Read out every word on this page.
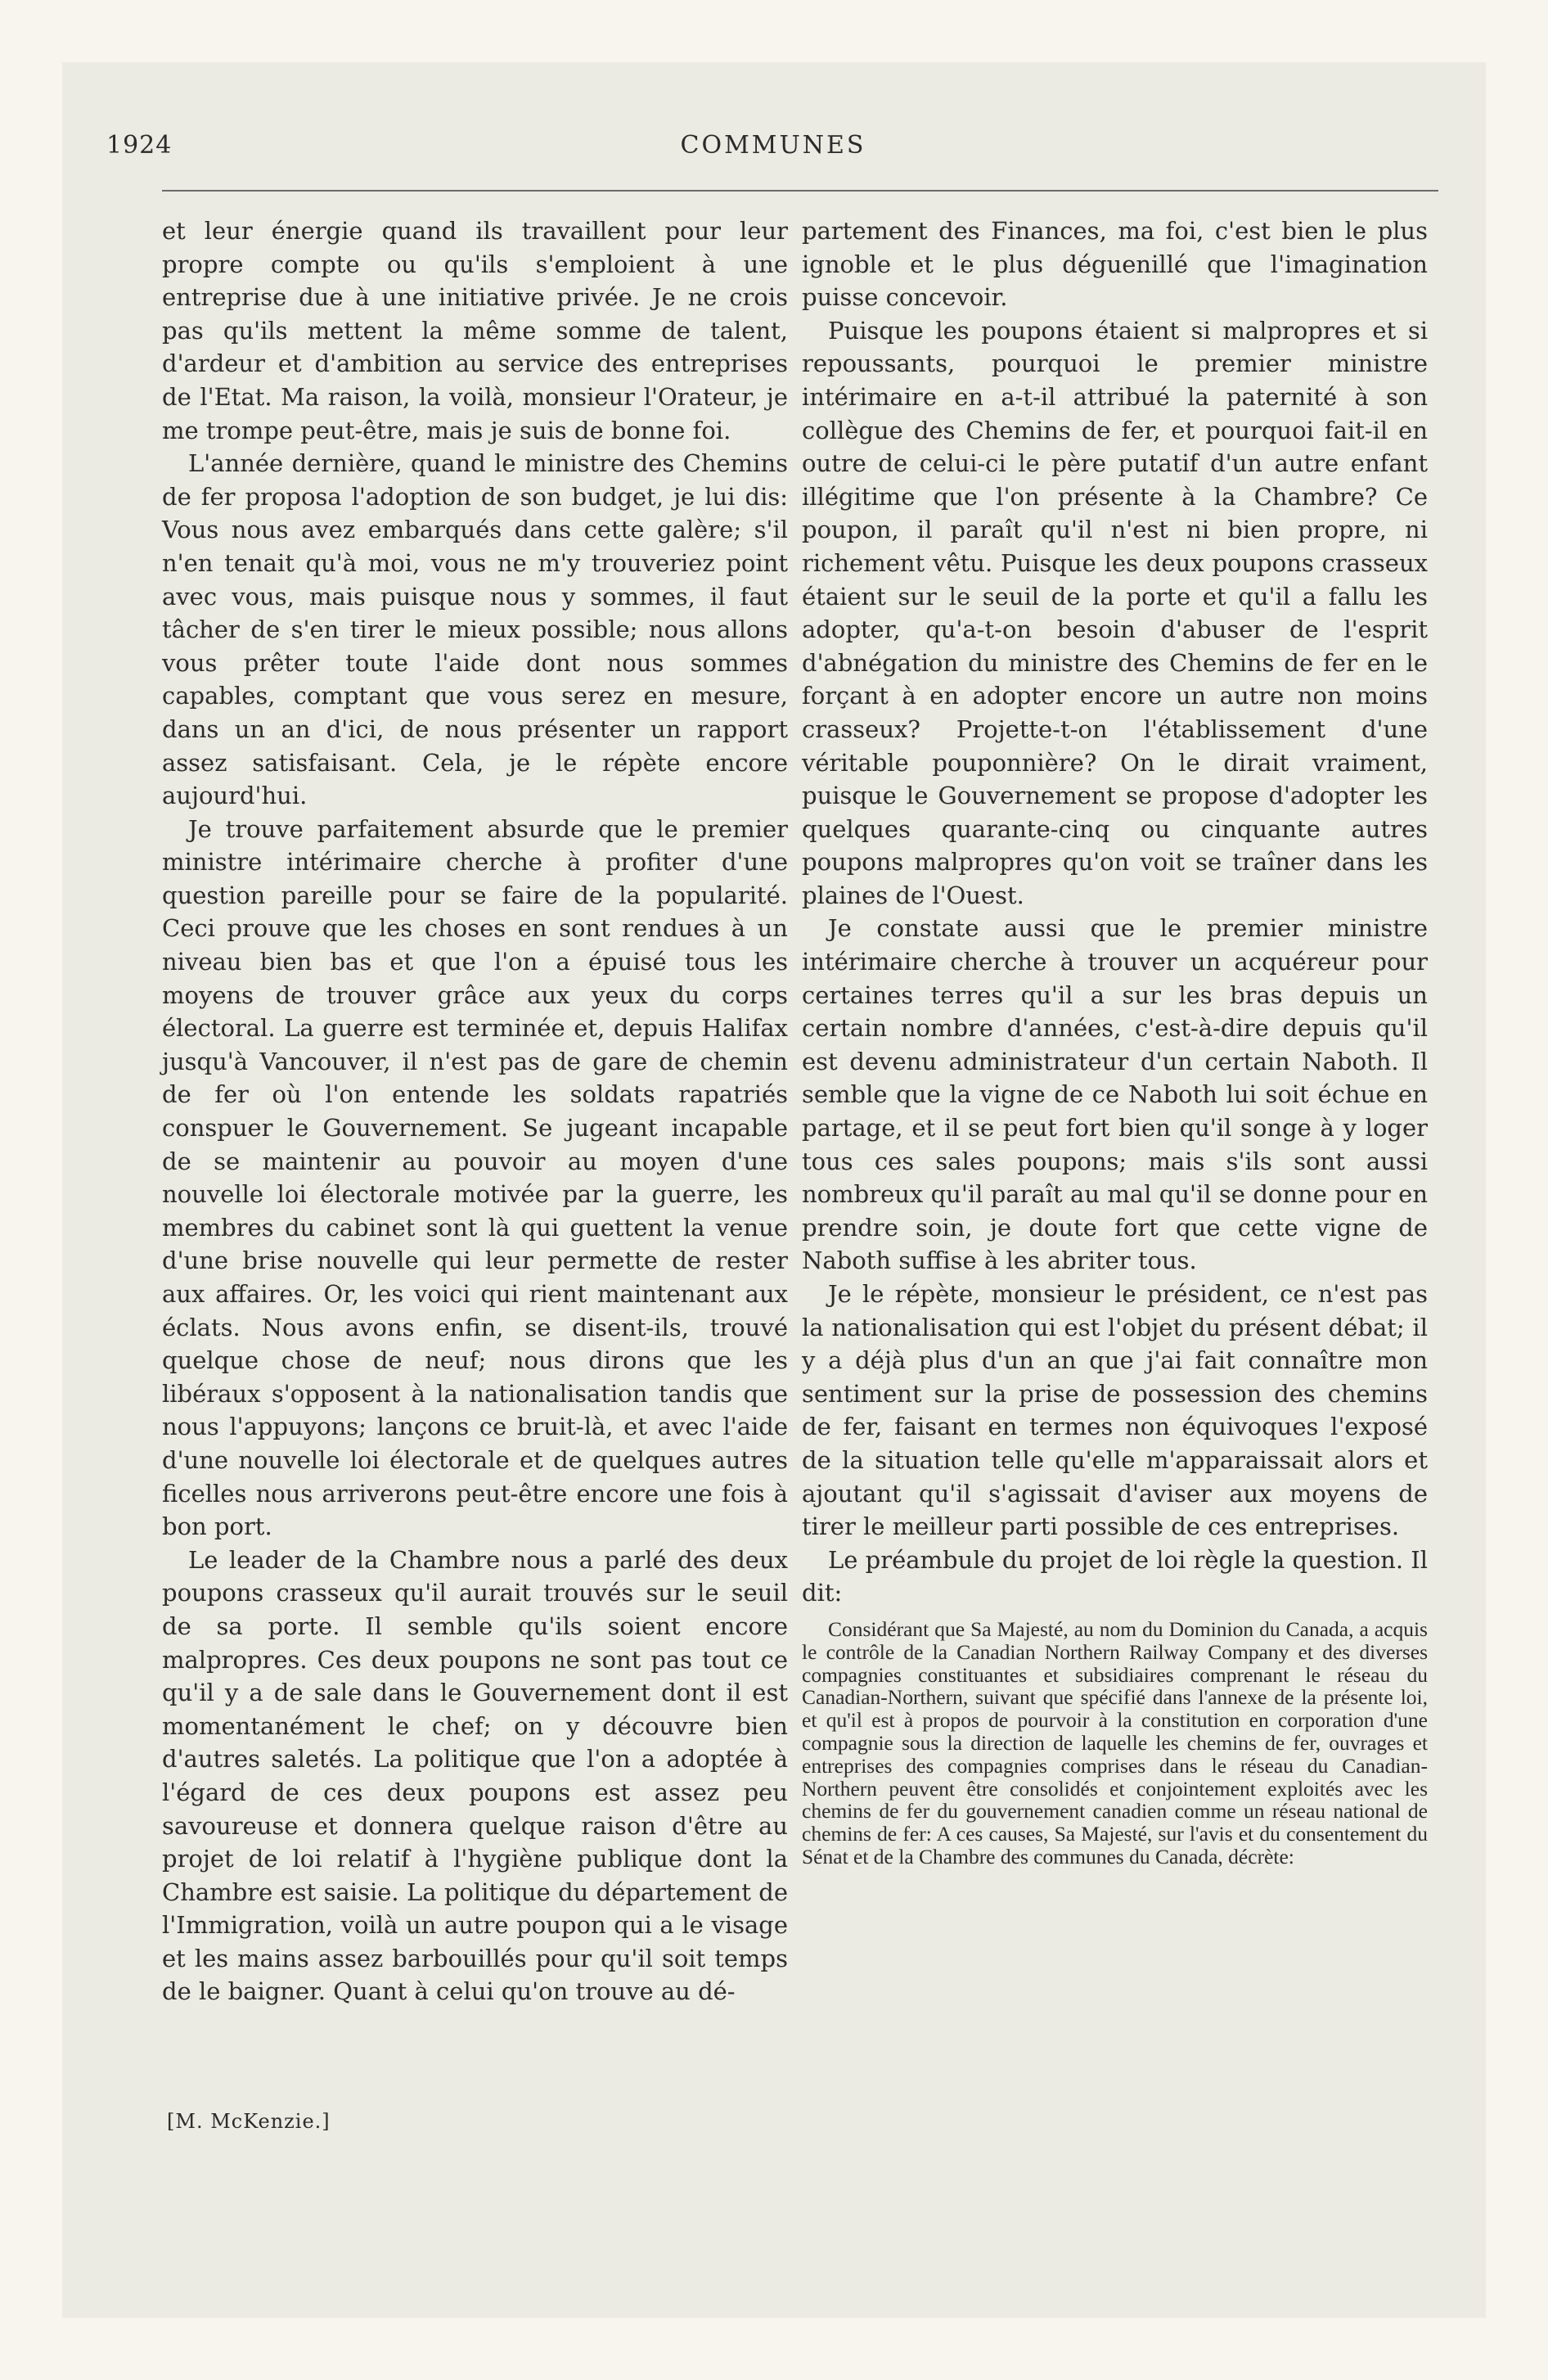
1924	COMMUNES

et leur énergie quand ils travaillent pour leur propre compte ou qu'ils s'emploient à une entreprise due à une initiative privée. Je ne crois pas qu'ils mettent la même somme de talent, d'ardeur et d'ambition au service des entreprises de l'Etat. Ma raison, la voilà, monsieur l'Orateur, je me trompe peut-être, mais je suis de bonne foi.

L'année dernière, quand le ministre des Chemins de fer proposa l'adoption de son budget, je lui dis: Vous nous avez embarqués dans cette galère; s'il n'en tenait qu'à moi, vous ne m'y trouveriez point avec vous, mais puisque nous y sommes, il faut tâcher de s'en tirer le mieux possible; nous allons vous prêter toute l'aide dont nous sommes capables, comptant que vous serez en mesure, dans un an d'ici, de nous présenter un rapport assez satisfaisant. Cela, je le répète encore aujourd'hui.

Je trouve parfaitement absurde que le premier ministre intérimaire cherche à profiter d'une question pareille pour se faire de la popularité. Ceci prouve que les choses en sont rendues à un niveau bien bas et que l'on a épuisé tous les moyens de trouver grâce aux yeux du corps électoral. La guerre est terminée et, depuis Halifax jusqu'à Vancouver, il n'est pas de gare de chemin de fer où l'on entende les soldats rapatriés conspuer le Gouvernement. Se jugeant incapable de se maintenir au pouvoir au moyen d'une nouvelle loi électorale motivée par la guerre, les membres du cabinet sont là qui guettent la venue d'une brise nouvelle qui leur permette de rester aux affaires. Or, les voici qui rient maintenant aux éclats. Nous avons enfin, se disent-ils, trouvé quelque chose de neuf; nous dirons que les libéraux s'opposent à la nationalisation tandis que nous l'appuyons; lançons ce bruit-là, et avec l'aide d'une nouvelle loi électorale et de quelques autres ficelles nous arriverons peut-être encore une fois à bon port.

Le leader de la Chambre nous a parlé des deux poupons crasseux qu'il aurait trouvés sur le seuil de sa porte. Il semble qu'ils soient encore malpropres. Ces deux poupons ne sont pas tout ce qu'il y a de sale dans le Gouvernement dont il est momentanément le chef; on y découvre bien d'autres saletés. La politique que l'on a adoptée à l'égard de ces deux poupons est assez peu savoureuse et donnera quelque raison d'être au projet de loi relatif à l'hygiène publique dont la Chambre est saisie. La politique du département de l'Immigration, voilà un autre poupon qui a le visage et les mains assez barbouillés pour qu'il soit temps de le baigner. Quant à celui qu'on trouve au dé-

partement des Finances, ma foi, c'est bien le plus ignoble et le plus déguenillé que l'imagination puisse concevoir.

Puisque les poupons étaient si malpropres et si repoussants, pourquoi le premier ministre intérimaire en a-t-il attribué la paternité à son collègue des Chemins de fer, et pourquoi fait-il en outre de celui-ci le père putatif d'un autre enfant illégitime que l'on présente à la Chambre? Ce poupon, il paraît qu'il n'est ni bien propre, ni richement vêtu. Puisque les deux poupons crasseux étaient sur le seuil de la porte et qu'il a fallu les adopter, qu'a-t-on besoin d'abuser de l'esprit d'abnégation du ministre des Chemins de fer en le forçant à en adopter encore un autre non moins crasseux? Projette-t-on l'établissement d'une véritable pouponnière? On le dirait vraiment, puisque le Gouvernement se propose d'adopter les quelques quarante-cinq ou cinquante autres poupons malpropres qu'on voit se traîner dans les plaines de l'Ouest.

Je constate aussi que le premier ministre intérimaire cherche à trouver un acquéreur pour certaines terres qu'il a sur les bras depuis un certain nombre d'années, c'est-à-dire depuis qu'il est devenu administrateur d'un certain Naboth. Il semble que la vigne de ce Naboth lui soit échue en partage, et il se peut fort bien qu'il songe à y loger tous ces sales poupons; mais s'ils sont aussi nombreux qu'il paraît au mal qu'il se donne pour en prendre soin, je doute fort que cette vigne de Naboth suffise à les abriter tous.

Je le répète, monsieur le président, ce n'est pas la nationalisation qui est l'objet du présent débat; il y a déjà plus d'un an que j'ai fait connaître mon sentiment sur la prise de possession des chemins de fer, faisant en termes non équivoques l'exposé de la situation telle qu'elle m'apparaissait alors et ajoutant qu'il s'agissait d'aviser aux moyens de tirer le meilleur parti possible de ces entreprises.

Le préambule du projet de loi règle la question. Il dit:

Considérant que Sa Majesté, au nom du Dominion du Canada, a acquis le contrôle de la Canadian Northern Railway Company et des diverses compagnies constituantes et subsidiaires comprenant le réseau du Canadian-Northern, suivant que spécifié dans l'annexe de la présente loi, et qu'il est à propos de pourvoir à la constitution en corporation d'une compagnie sous la direction de laquelle les chemins de fer, ouvrages et entreprises des compagnies comprises dans le réseau du Canadian-Northern peuvent être consolidés et conjointement exploités avec les chemins de fer du gouvernement canadien comme un réseau national de chemins de fer: A ces causes, Sa Majesté, sur l'avis et du consentement du Sénat et de la Chambre des communes du Canada, décrète:

[M. McKenzie.]
